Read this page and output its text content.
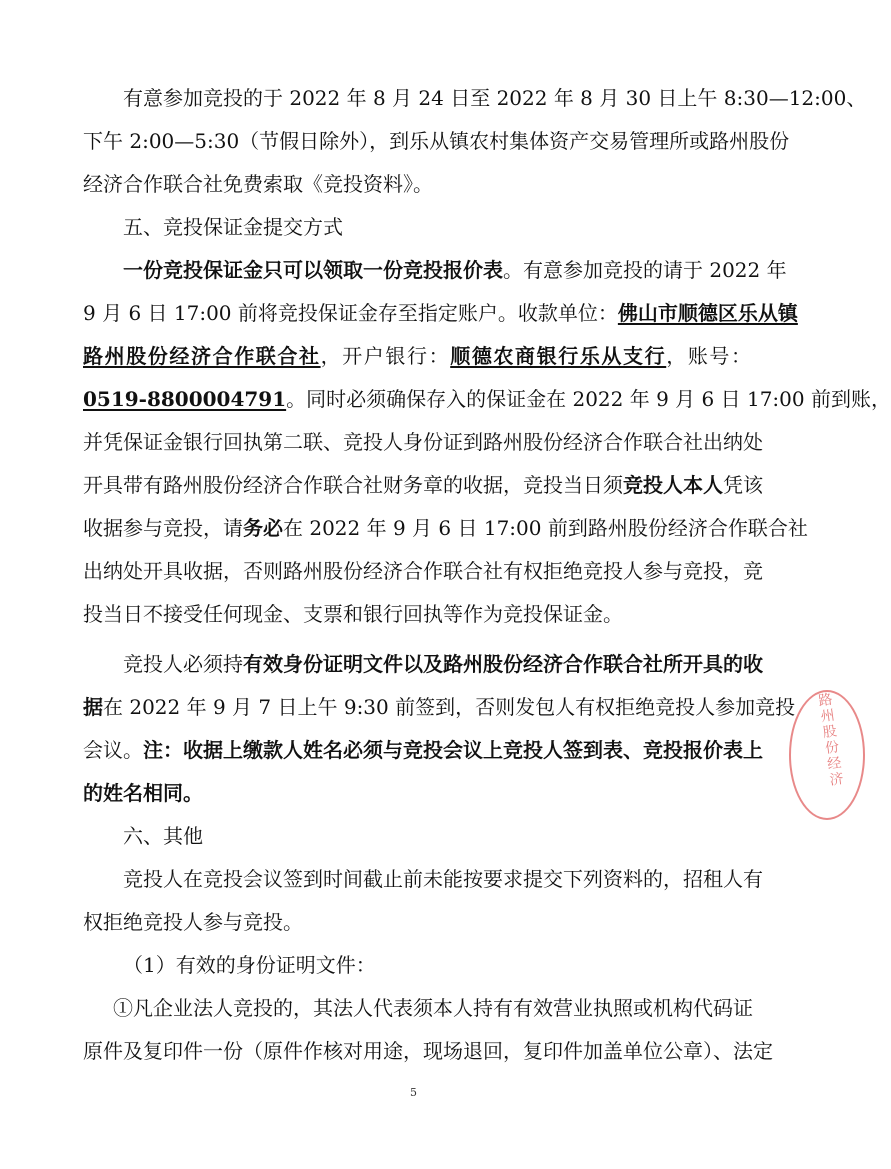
有意参加竞投的于 2022 年 8 月 24 日至 2022 年 8 月 30 日上午 8:30—12:00、
下午 2:00—5:30（节假日除外），到乐从镇农村集体资产交易管理所或路州股份
经济合作联合社免费索取《竞投资料》。
五、竞投保证金提交方式
一份竞投保证金只可以领取一份竞投报价表。有意参加竞投的请于 2022 年
9 月 6 日 17:00 前将竞投保证金存至指定账户。收款单位：佛山市顺德区乐从镇
路州股份经济合作联合社，开户银行：顺德农商银行乐从支行，账号：
0519-8800004791。同时必须确保存入的保证金在 2022 年 9 月 6 日 17:00 前到账，
并凭保证金银行回执第二联、竞投人身份证到路州股份经济合作联合社出纳处
开具带有路州股份经济合作联合社财务章的收据，竞投当日须竞投人本人凭该
收据参与竞投，请务必在 2022 年 9 月 6 日 17:00 前到路州股份经济合作联合社
出纳处开具收据，否则路州股份经济合作联合社有权拒绝竞投人参与竞投，竞
投当日不接受任何现金、支票和银行回执等作为竞投保证金。
竞投人必须持有效身份证明文件以及路州股份经济合作联合社所开具的收
据在 2022 年 9 月 7 日上午 9:30 前签到，否则发包人有权拒绝竞投人参加竞投
会议。注：收据上缴款人姓名必须与竞投会议上竞投人签到表、竞投报价表上
的姓名相同。
六、其他
竞投人在竞投会议签到时间截止前未能按要求提交下列资料的，招租人有
权拒绝竞投人参与竞投。
（1）有效的身份证明文件：
①凡企业法人竞投的，其法人代表须本人持有有效营业执照或机构代码证
原件及复印件一份（原件作核对用途，现场退回，复印件加盖单位公章）、法定
5
路州股份经济
